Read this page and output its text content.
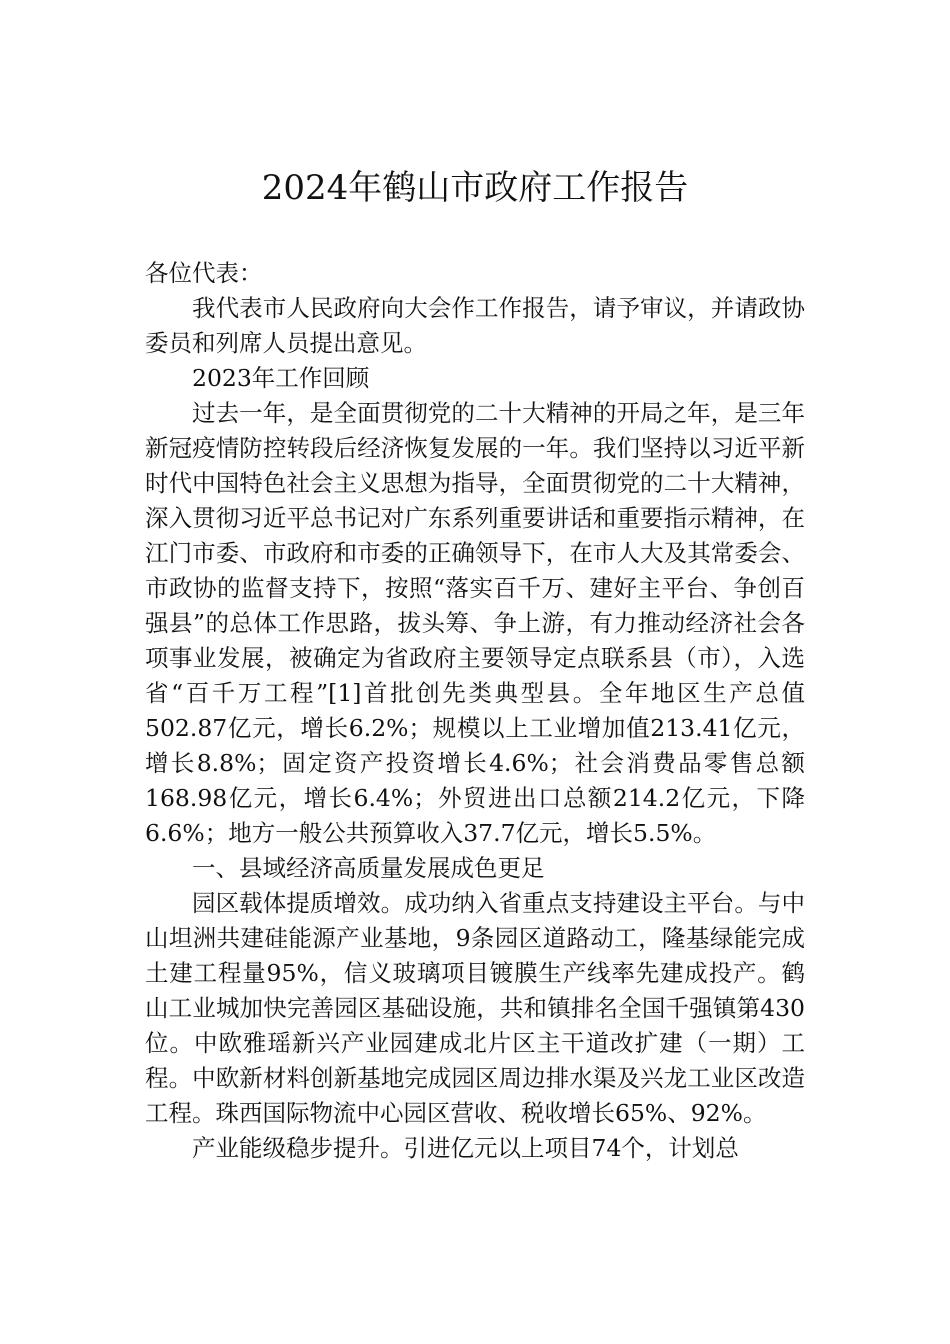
2024年鹤山市政府工作报告

各位代表：

我代表市人民政府向大会作工作报告，请予审议，并请政协委员和列席人员提出意见。

2023年工作回顾

过去一年，是全面贯彻党的二十大精神的开局之年，是三年新冠疫情防控转段后经济恢复发展的一年。我们坚持以习近平新时代中国特色社会主义思想为指导，全面贯彻党的二十大精神，深入贯彻习近平总书记对广东系列重要讲话和重要指示精神，在江门市委、市政府和市委的正确领导下，在市人大及其常委会、市政协的监督支持下，按照“落实百千万、建好主平台、争创百强县”的总体工作思路，拔头筹、争上游，有力推动经济社会各项事业发展，被确定为省政府主要领导定点联系县（市），入选省“百千万工程”[1]首批创先类典型县。全年地区生产总值502.87亿元，增长6.2%；规模以上工业增加值213.41亿元，增长8.8%；固定资产投资增长4.6%；社会消费品零售总额168.98亿元，增长6.4%；外贸进出口总额214.2亿元，下降6.6%；地方一般公共预算收入37.7亿元，增长5.5%。

一、县域经济高质量发展成色更足

园区载体提质增效。成功纳入省重点支持建设主平台。与中山坦洲共建硅能源产业基地，9条园区道路动工，隆基绿能完成土建工程量95%，信义玻璃项目镀膜生产线率先建成投产。鹤山工业城加快完善园区基础设施，共和镇排名全国千强镇第430位。中欧雅瑶新兴产业园建成北片区主干道改扩建（一期）工程。中欧新材料创新基地完成园区周边排水渠及兴龙工业区改造工程。珠西国际物流中心园区营收、税收增长65%、92%。

产业能级稳步提升。引进亿元以上项目74个，计划总
